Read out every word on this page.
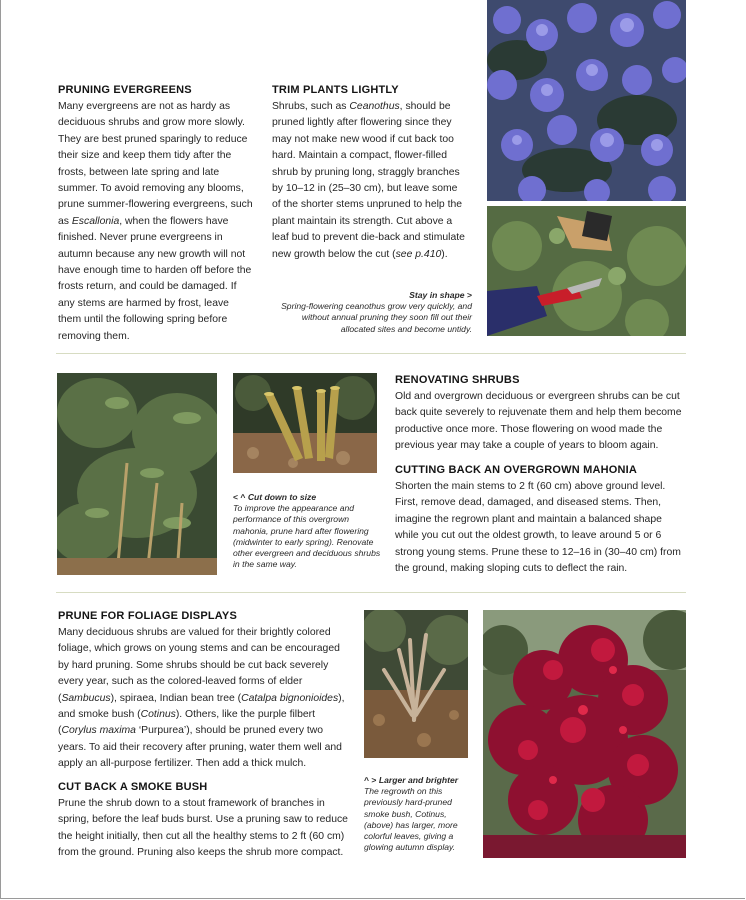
PRUNING EVERGREENS

Many evergreens are not as hardy as deciduous shrubs and grow more slowly. They are best pruned sparingly to reduce their size and keep them tidy after the frosts, between late spring and late summer. To avoid removing any blooms, prune summer-flowering evergreens, such as Escallonia, when the flowers have finished. Never prune evergreens in autumn because any new growth will not have enough time to harden off before the frosts return, and could be damaged. If any stems are harmed by frost, leave them until the following spring before removing them.

TRIM PLANTS LIGHTLY

Shrubs, such as Ceanothus, should be pruned lightly after flowering since they may not make new wood if cut back too hard. Maintain a compact, flower-filled shrub by pruning long, straggly branches by 10–12 in (25–30 cm), but leave some of the shorter stems unpruned to help the plant maintain its strength. Cut above a leaf bud to prevent die-back and stimulate new growth below the cut (see p.410).

Stay in shape >
Spring-flowering ceanothus grow very quickly, and without annual pruning they soon fill out their allocated sites and become untidy.
< ^ Cut down to size
To improve the appearance and performance of this overgrown mahonia, prune hard after flowering (midwinter to early spring). Renovate other evergreen and deciduous shrubs in the same way.
RENOVATING SHRUBS

Old and overgrown deciduous or evergreen shrubs can be cut back quite severely to rejuvenate them and help them become productive once more. Those flowering on wood made the previous year may take a couple of years to bloom again.

CUTTING BACK AN OVERGROWN MAHONIA

Shorten the main stems to 2 ft (60 cm) above ground level. First, remove dead, damaged, and diseased stems. Then, imagine the regrown plant and maintain a balanced shape while you cut out the oldest growth, to leave around 5 or 6 strong young stems. Prune these to 12–16 in (30–40 cm) from the ground, making sloping cuts to deflect the rain.

PRUNE FOR FOLIAGE DISPLAYS

Many deciduous shrubs are valued for their brightly colored foliage, which grows on young stems and can be encouraged by hard pruning. Some shrubs should be cut back severely every year, such as the colored-leaved forms of elder (Sambucus), spiraea, Indian bean tree (Catalpa bignonioides), and smoke bush (Cotinus). Others, like the purple filbert (Corylus maxima ‘Purpurea’), should be pruned every two years. To aid their recovery after pruning, water them well and apply an all-purpose fertilizer. Then add a thick mulch.

CUT BACK A SMOKE BUSH

Prune the shrub down to a stout framework of branches in spring, before the leaf buds burst. Use a pruning saw to reduce the height initially, then cut all the healthy stems to 2 ft (60 cm) from the ground. Pruning also keeps the shrub more compact.

^ > Larger and brighter
The regrowth on this previously hard-pruned smoke bush, Cotinus, (above) has larger, more colorful leaves, giving a glowing autumn display.
